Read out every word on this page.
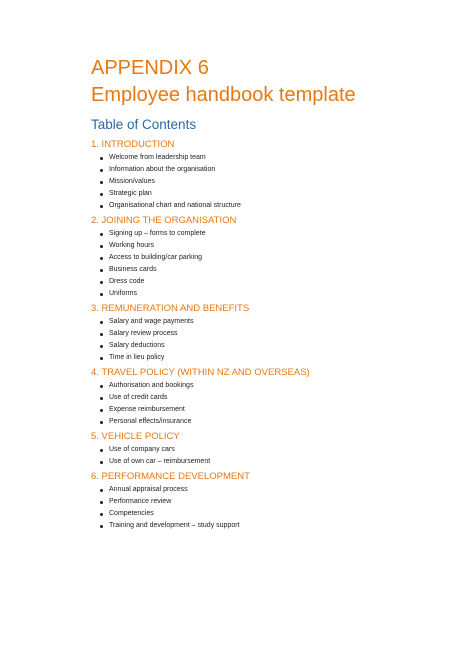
APPENDIX 6
Employee handbook template
Table of Contents
1. INTRODUCTION
Welcome from leadership team
Information about the organisation
Mission/values
Strategic plan
Organisational chart and national structure
2. JOINING THE ORGANISATION
Signing up – forms to complete
Working hours
Access to building/car parking
Business cards
Dress code
Uniforms
3. REMUNERATION AND BENEFITS
Salary and wage payments
Salary review process
Salary deductions
Time in lieu policy
4. TRAVEL POLICY (WITHIN NZ AND OVERSEAS)
Authorisation and bookings
Use of credit cards
Expense reimbursement
Personal effects/insurance
5. VEHICLE POLICY
Use of company cars
Use of own car – reimbursement
6. PERFORMANCE DEVELOPMENT
Annual appraisal process
Performance review
Competencies
Training and development – study support
